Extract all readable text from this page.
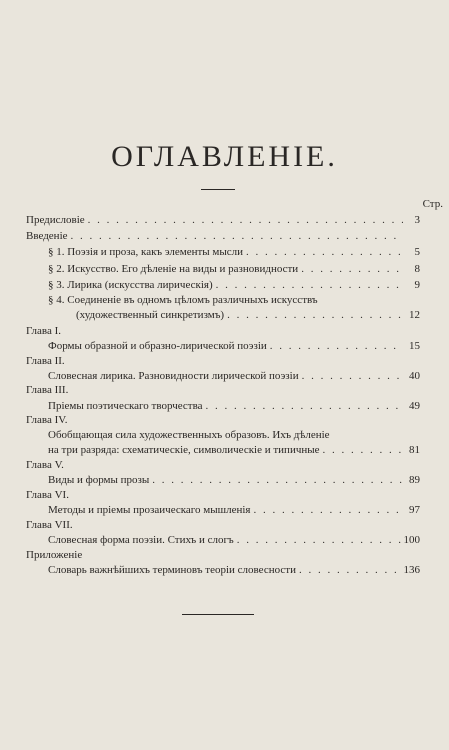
ОГЛАВЛЕНІЕ.
Стр.
Предисловіе . . .	3
Введеніе
. . .
§ 1. Поэзія и проза, какъ элементы мысли . . .	5
§ 2. Искусство. Его дѣленіе на виды и разновидности . . .	8
§ 3. Лирика (искусства лирическія) . . .	9
§ 4. Соединеніе въ одномъ цѣломъ различныхъ искусствъ
(художественный синкретизмъ) . . .	12
Глава I.
Формы образной и образно-лирической поэзіи . . .	15
Глава II.
Словесная лирика. Разновидности лирической поэзіи . . .	40
Глава III.
Пріемы поэтическаго творчества . . .	49
Глава IV.
Обобщающая сила художественныхъ образовъ. Ихъ дѣленіе
на три разряда: схематическіе, символическіе и типичные . . .	81
Глава V.
Виды и формы прозы . . .	89
Глава VI.
Методы и пріемы прозаическаго мышленія . . .	97
Глава VII.
Словесная форма поэзіи. Стихъ и слогъ . . .	100
Приложеніе
Словарь важнѣйшихъ терминовъ теоріи словесности . . .	136
